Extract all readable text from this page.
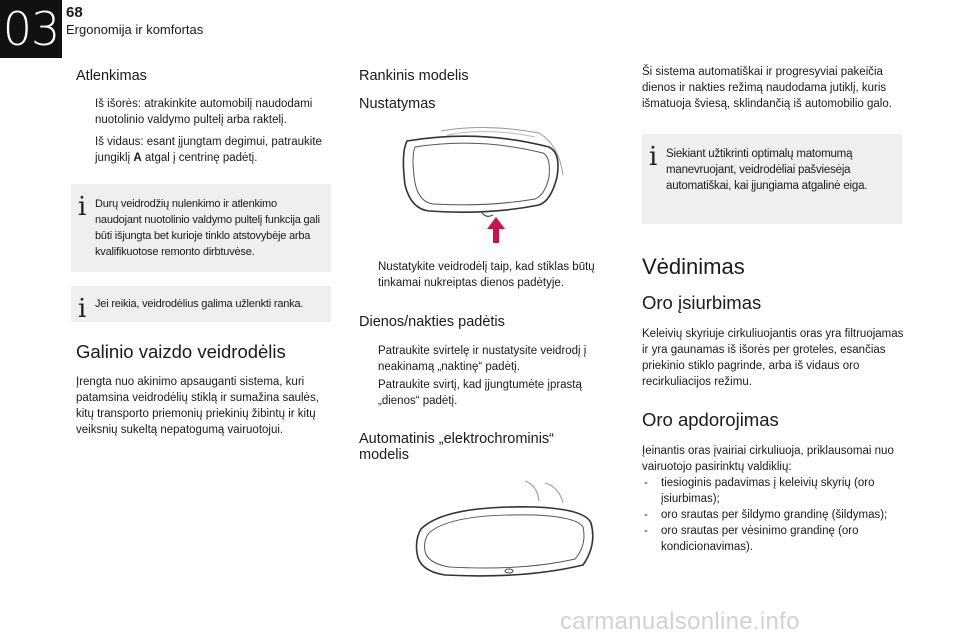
03 68
Ergonomija ir komfortas
Atlenkimas
Iš išorės: atrakinkite automobilį naudodami nuotolinio valdymo pultelį arba raktelį.
Iš vidaus: esant įjungtam degimui, patraukite jungiklį A atgal į centrinę padėtį.
i Durų veidrodžių nulenkimo ir atlenkimo naudojant nuotolinio valdymo pultelį funkcija gali būti išjungta bet kurioje tinklo atstovybėje arba kvalifikuotose remonto dirbtuvėse.

i Jei reikia, veidrodėlius galima užlenkti ranka.

Galinio vaizdo veidrodėlis

Įrengta nuo akinimo apsauganti sistema, kuri patamsina veidrodėlių stiklą ir sumažina saulės, kitų transporto priemonių priekinių žibintų ir kitų veiksnių sukeltą nepatogumą vairuotojui.

Rankinis modelis
Nustatymas
Nustatykite veidrodėlį taip, kad stiklas būtų tinkamai nukreiptas dienos padėtyje.
Dienos/nakties padėtis
Patraukite svirtelę ir nustatysite veidrodį į neakinamą „naktinę“ padėtį.
Patraukite svirtį, kad įjungtumėte įprastą „dienos“ padėtį.
Automatinis „elektrochrominis“
modelis

Ši sistema automatiškai ir progresyviai pakeičia dienos ir nakties režimą naudodama jutiklį, kuris išmatuoja šviesą, sklindančią iš automobilio galo.

i Siekiant užtikrinti optimalų matomumą manevruojant, veidrodėliai pašviesėja automatiškai, kai įjungiama atgalinė eiga.

Vėdinimas
Oro įsiurbimas

Keleivių skyriuje cirkuliuojantis oras yra filtruojamas ir yra gaunamas iš išorės per groteles, esančias priekinio stiklo pagrinde, arba iš vidaus oro recirkuliacijos režimu.

Oro apdorojimas

Įeinantis oras įvairiai cirkuliuoja, priklausomai nuo vairuotojo pasirinktų valdiklių:

- tiesioginis padavimas į keleivių skyrių (oro įsiurbimas);
- oro srautas per šildymo grandinę (šildymas);
- oro srautas per vėsinimo grandinę (oro kondicionavimas).
carmanualsonline.info
